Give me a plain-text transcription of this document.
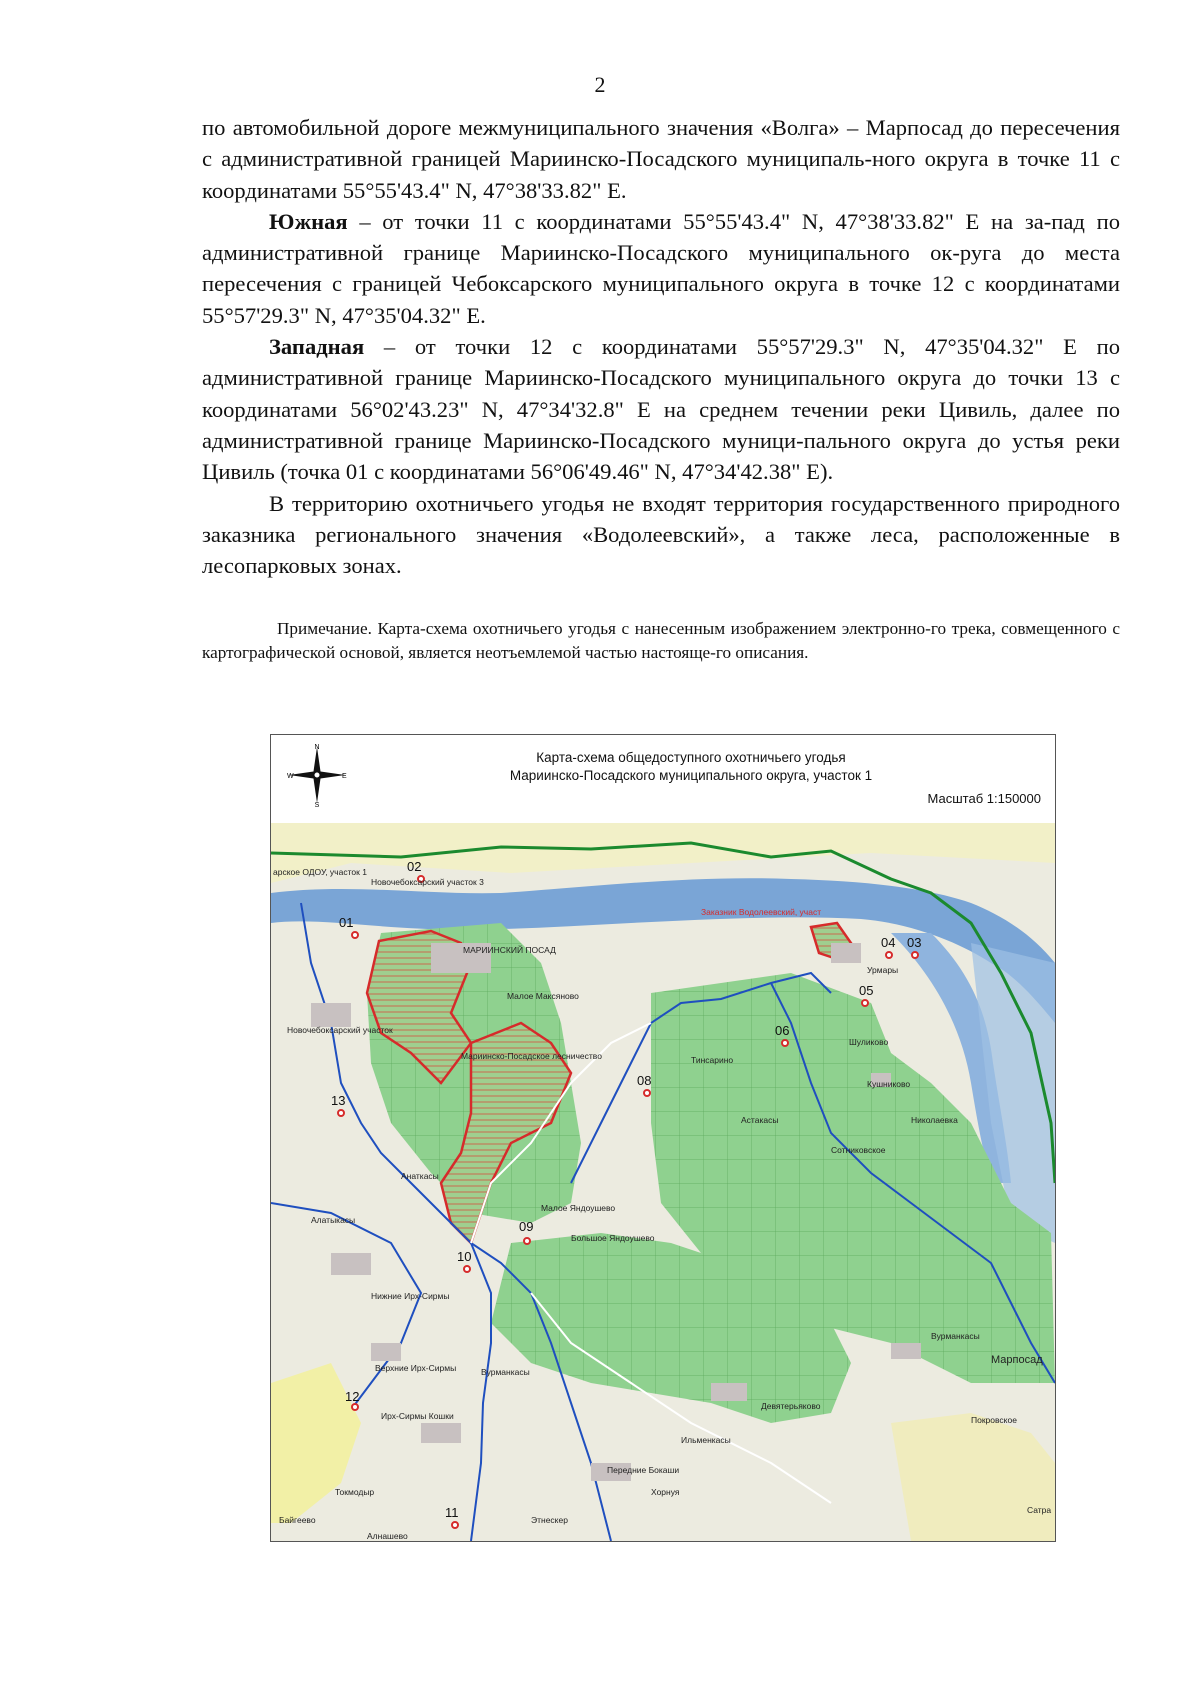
2

по автомобильной дороге межмуниципального значения «Волга» – Марпосад до пересечения с административной границей Мариинско-Посадского муниципаль-ного округа в точке 11 с координатами 55°55'43.4" N, 47°38'33.82" E.

Южная – от точки 11 с координатами 55°55'43.4" N, 47°38'33.82" E на за-пад по административной границе Мариинско-Посадского муниципального ок-руга до места пересечения с границей Чебоксарского муниципального округа в точке 12 с координатами 55°57'29.3" N, 47°35'04.32" E.

Западная – от точки 12 с координатами 55°57'29.3" N, 47°35'04.32" E по административной границе Мариинско-Посадского муниципального округа до точки 13 с координатами 56°02'43.23" N, 47°34'32.8" E на среднем течении реки Цивиль, далее по административной границе Мариинско-Посадского муници-пального округа до устья реки Цивиль (точка 01 с координатами 56°06'49.46" N, 47°34'42.38" E).

В территорию охотничьего угодья не входят территория государственного природного заказника регионального значения «Водолеевский», а также леса, расположенные в лесопарковых зонах.

Примечание. Карта-схема охотничьего угодья с нанесенным изображением электронно-го трека, совмещенного с картографической основой, является неотъемлемой частью настояще-го описания.

N
S
W	E
Карта-схема общедоступного охотничьего угодья
Мариинско-Посадского муниципального округа, участок 1
Масштаб 1:150000
01
02
03
04
05
06
08
09
10
11
12
13
арское ОДОУ, участок 1
Новочебоксарский участок 3
МАРИИНСКИЙ ПОСАД
Заказник Водолеевский, участ
Новочебоксарский участок
Малое Максяново
Мариинско-Посадское лесничество	Тинсарино
Шуликово
Кушниково
Урмары
Астакасы
Сотниковское
Николаевка
Анаткасы
Малое Яндоушево
Большое Яндоушево
Алатыкасы
Нижние Ирх-Сирмы
Верхние Ирх-Сирмы
Ирх-Сирмы Кошки
Вурманкасы
Марпосад
Вурманкасы
Девятерьяково
Ильменкасы
Покровское
Передние Бокаши
Хорнуя
Токмодыр
Байгеево
Алнашево
Этнескер
Сатра
